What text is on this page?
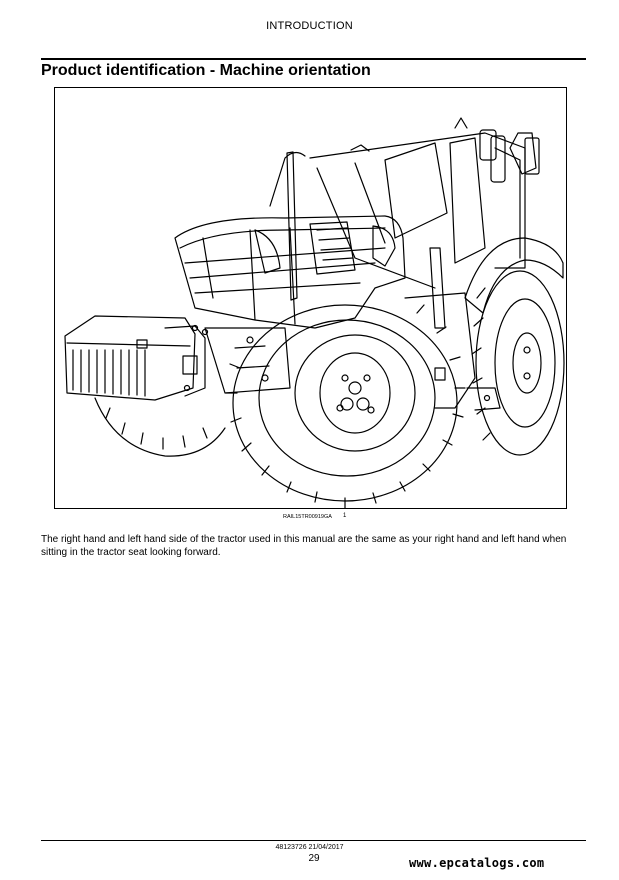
INTRODUCTION
Product identification - Machine orientation
RAIL15TR00919GA 1
The right hand and left hand side of the tractor used in this manual are the same as your right hand and left hand when sitting in the tractor seat looking forward.
48123726 21/04/2017
29	www.epcatalogs.com
